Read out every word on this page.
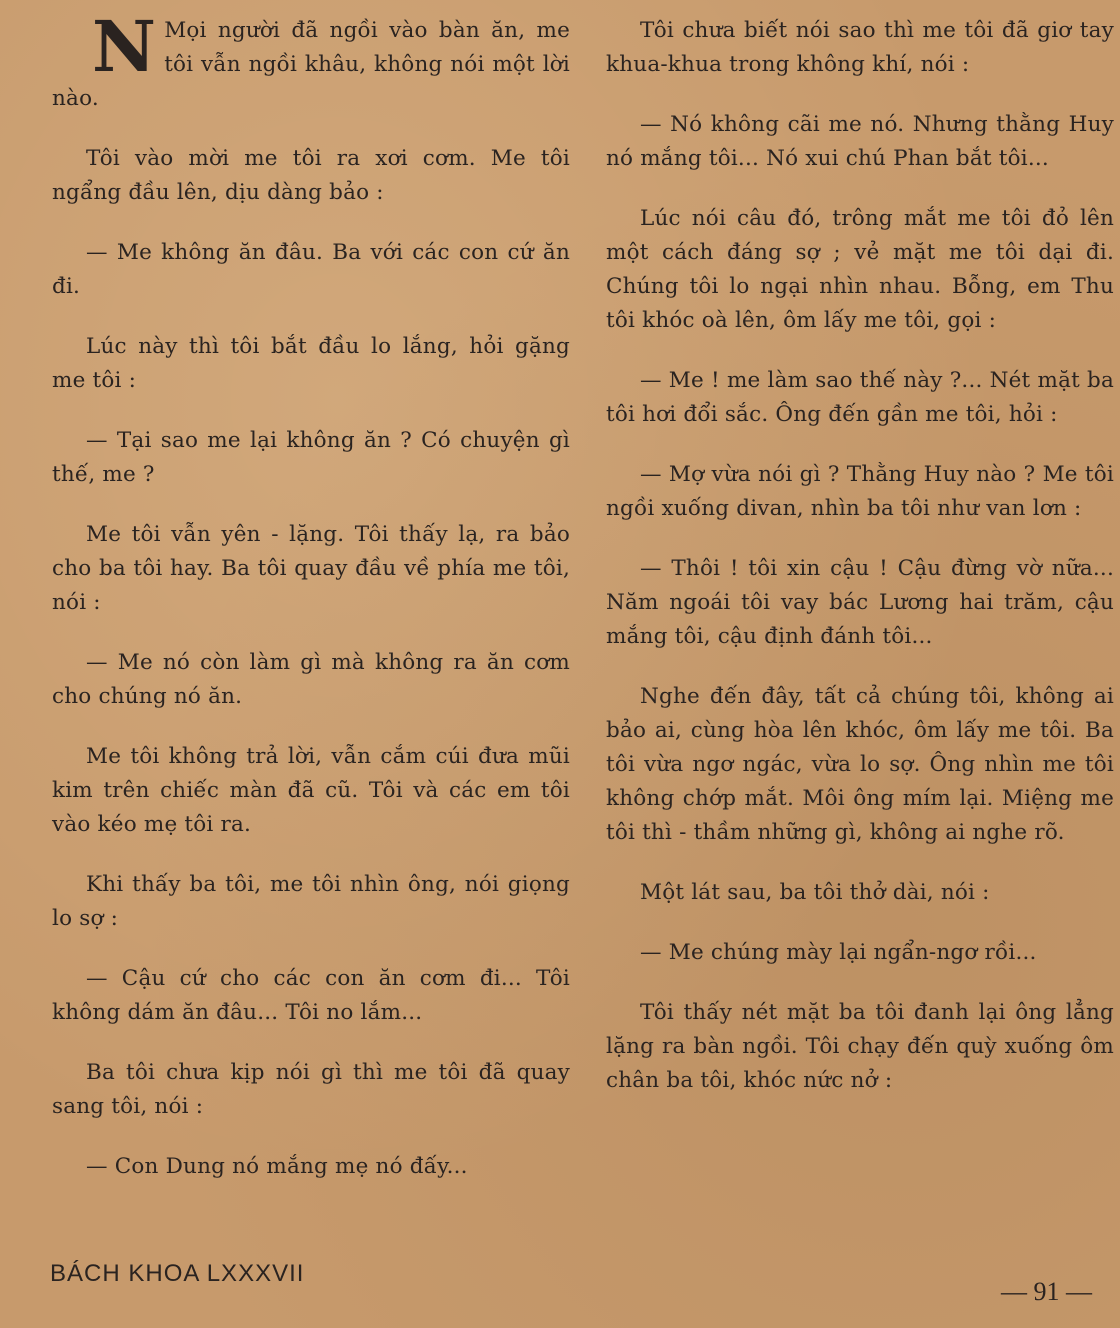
N Mọi người đã ngồi vào bàn ăn, me tôi vẫn ngồi khâu, không nói một lời nào.

Tôi vào mời me tôi ra xơi cơm. Me tôi ngẩng đầu lên, dịu dàng bảo :

— Me không ăn đâu. Ba với các con cứ ăn đi.

Lúc này thì tôi bắt đầu lo lắng, hỏi gặng me tôi :

— Tại sao me lại không ăn ? Có chuyện gì thế, me ?

Me tôi vẫn yên - lặng. Tôi thấy lạ, ra bảo cho ba tôi hay. Ba tôi quay đầu về phía me tôi, nói :

— Me nó còn làm gì mà không ra ăn cơm cho chúng nó ăn.

Me tôi không trả lời, vẫn cắm cúi đưa mũi kim trên chiếc màn đã cũ. Tôi và các em tôi vào kéo mẹ tôi ra.

Khi thấy ba tôi, me tôi nhìn ông, nói giọng lo sợ :

— Cậu cứ cho các con ăn cơm đi... Tôi không dám ăn đâu... Tôi no lắm...

Ba tôi chưa kịp nói gì thì me tôi đã quay sang tôi, nói :

— Con Dung nó mắng mẹ nó đấy...

Tôi chưa biết nói sao thì me tôi đã giơ tay khua-khua trong không khí, nói :

— Nó không cãi me nó. Nhưng thằng Huy nó mắng tôi... Nó xui chú Phan bắt tôi...

Lúc nói câu đó, trông mắt me tôi đỏ lên một cách đáng sợ ; vẻ mặt me tôi dại đi. Chúng tôi lo ngại nhìn nhau. Bỗng, em Thu tôi khóc oà lên, ôm lấy me tôi, gọi :

— Me ! me làm sao thế này ?... Nét mặt ba tôi hơi đổi sắc. Ông đến gần me tôi, hỏi :

— Mợ vừa nói gì ? Thằng Huy nào ? Me tôi ngồi xuống divan, nhìn ba tôi như van lơn :

— Thôi ! tôi xin cậu ! Cậu đừng vờ nữa... Năm ngoái tôi vay bác Lương hai trăm, cậu mắng tôi, cậu định đánh tôi...

Nghe đến đây, tất cả chúng tôi, không ai bảo ai, cùng hòa lên khóc, ôm lấy me tôi. Ba tôi vừa ngơ ngác, vừa lo sợ. Ông nhìn me tôi không chớp mắt. Môi ông mím lại. Miệng me tôi thì - thầm những gì, không ai nghe rõ.

Một lát sau, ba tôi thở dài, nói :

— Me chúng mày lại ngẩn-ngơ rồi...

Tôi thấy nét mặt ba tôi đanh lại ông lẳng lặng ra bàn ngồi. Tôi chạy đến quỳ xuống ôm chân ba tôi, khóc nức nở :

BÁCH KHOA LXXXVII
— 91 —
